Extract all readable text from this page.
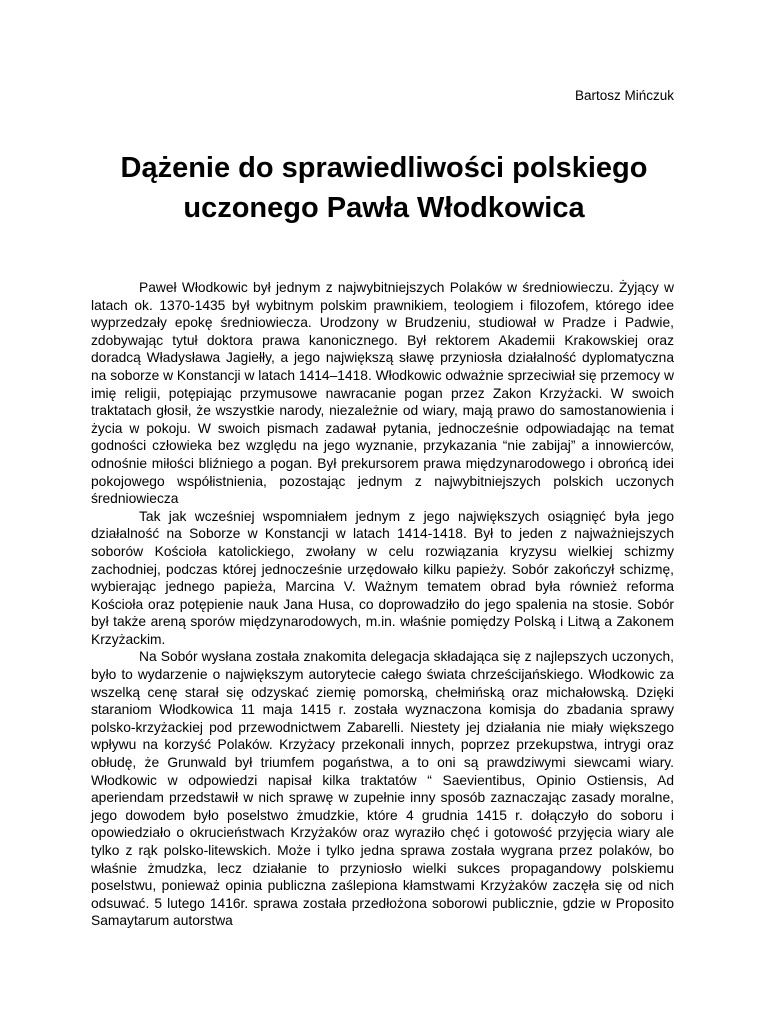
Bartosz Mińczuk

Dążenie do sprawiedliwości polskiego uczonego Pawła Włodkowica

Paweł Włodkowic był jednym z najwybitniejszych Polaków w średniowieczu. Żyjący w latach ok. 1370-1435 był wybitnym polskim prawnikiem, teologiem i filozofem, którego idee wyprzedzały epokę średniowiecza. Urodzony w Brudzeniu, studiował w Pradze i Padwie, zdobywając tytuł doktora prawa kanonicznego. Był rektorem Akademii Krakowskiej oraz doradcą Władysława Jagiełły, a jego największą sławę przyniosła działalność dyplomatyczna na soborze w Konstancji w latach 1414–1418. Włodkowic odważnie sprzeciwiał się przemocy w imię religii, potępiając przymusowe nawracanie pogan przez Zakon Krzyżacki. W swoich traktatach głosił, że wszystkie narody, niezależnie od wiary, mają prawo do samostanowienia i życia w pokoju. W swoich pismach zadawał pytania, jednocześnie odpowiadając na temat godności człowieka bez względu na jego wyznanie, przykazania “nie zabijaj” a innowierców, odnośnie miłości bliźniego a pogan. Był prekursorem prawa międzynarodowego i obrońcą idei pokojowego współistnienia, pozostając jednym z najwybitniejszych polskich uczonych średniowiecza

Tak jak wcześniej wspomniałem jednym z jego największych osiągnięć była jego działalność na Soborze w Konstancji w latach 1414-1418. Był to jeden z najważniejszych soborów Kościoła katolickiego, zwołany w celu rozwiązania kryzysu wielkiej schizmy zachodniej, podczas której jednocześnie urzędowało kilku papieży. Sobór zakończył schizmę, wybierając jednego papieża, Marcina V. Ważnym tematem obrad była również reforma Kościoła oraz potępienie nauk Jana Husa, co doprowadziło do jego spalenia na stosie. Sobór był także areną sporów międzynarodowych, m.in. właśnie pomiędzy Polską i Litwą a Zakonem Krzyżackim.

Na Sobór wysłana została znakomita delegacja składająca się z najlepszych uczonych, było to wydarzenie o największym autorytecie całego świata chrześcijańskiego. Włodkowic za wszelką cenę starał się odzyskać ziemię pomorską, chełmińską oraz michałowską. Dzięki staraniom Włodkowica 11 maja 1415 r. została wyznaczona komisja do zbadania sprawy polsko-krzyżackiej pod przewodnictwem Zabarelli. Niestety jej działania nie miały większego wpływu na korzyść Polaków. Krzyżacy przekonali innych, poprzez przekupstwa, intrygi oraz obłudę, że Grunwald był triumfem pogaństwa, a to oni są prawdziwymi siewcami wiary. Włodkowic w odpowiedzi napisał kilka traktatów “ Saevientibus, Opinio Ostiensis, Ad aperiendam przedstawił w nich sprawę w zupełnie inny sposób zaznaczając zasady moralne, jego dowodem było poselstwo żmudzkie, które 4 grudnia 1415 r. dołączyło do soboru i opowiedziało o okrucieństwach Krzyżaków oraz wyraziło chęć i gotowość przyjęcia wiary ale tylko z rąk polsko-litewskich. Może i tylko jedna sprawa została wygrana przez polaków, bo właśnie żmudzka, lecz działanie to przyniosło wielki sukces propagandowy polskiemu poselstwu, ponieważ opinia publiczna zaślepiona kłamstwami Krzyżaków zaczęła się od nich odsuwać. 5 lutego 1416r. sprawa została przedłożona soborowi publicznie, gdzie w Proposito Samaytarum autorstwa
